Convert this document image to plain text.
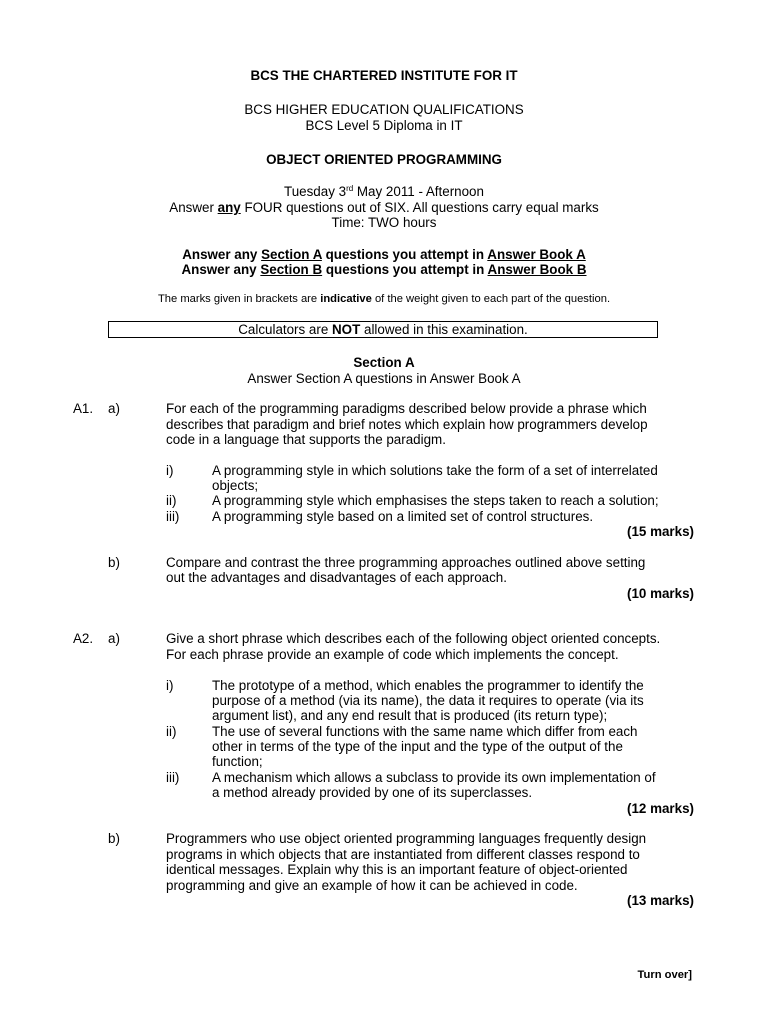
BCS THE CHARTERED INSTITUTE FOR IT
BCS HIGHER EDUCATION QUALIFICATIONS
BCS Level 5 Diploma in IT
OBJECT ORIENTED PROGRAMMING
Tuesday 3rd May 2011 - Afternoon
Answer any FOUR questions out of SIX. All questions carry equal marks
Time: TWO hours
Answer any Section A questions you attempt in Answer Book A
Answer any Section B questions you attempt in Answer Book B
The marks given in brackets are indicative of the weight given to each part of the question.
Calculators are NOT allowed in this examination.
Section A
Answer Section A questions in Answer Book A
A1. a)	For each of the programming paradigms described below provide a phrase which
describes that paradigm and brief notes which explain how programmers develop
code in a language that supports the paradigm.
i)	A programming style in which solutions take the form of a set of interrelated
objects;
ii)	A programming style which emphasises the steps taken to reach a solution;
iii) A programming style based on a limited set of control structures.
(15 marks)
b)	Compare and contrast the three programming approaches outlined above setting
out the advantages and disadvantages of each approach.
(10 marks)
A2. a)	Give a short phrase which describes each of the following object oriented concepts.
For each phrase provide an example of code which implements the concept.
i)	The prototype of a method, which enables the programmer to identify the
purpose of a method (via its name), the data it requires to operate (via its
argument list), and any end result that is produced (its return type);
ii)	The use of several functions with the same name which differ from each
other in terms of the type of the input and the type of the output of the
function;
iii) A mechanism which allows a subclass to provide its own implementation of
a method already provided by one of its superclasses.
(12 marks)
b)	Programmers who use object oriented programming languages frequently design
programs in which objects that are instantiated from different classes respond to
identical messages. Explain why this is an important feature of object-oriented
programming and give an example of how it can be achieved in code.
(13 marks)
Turn over]
